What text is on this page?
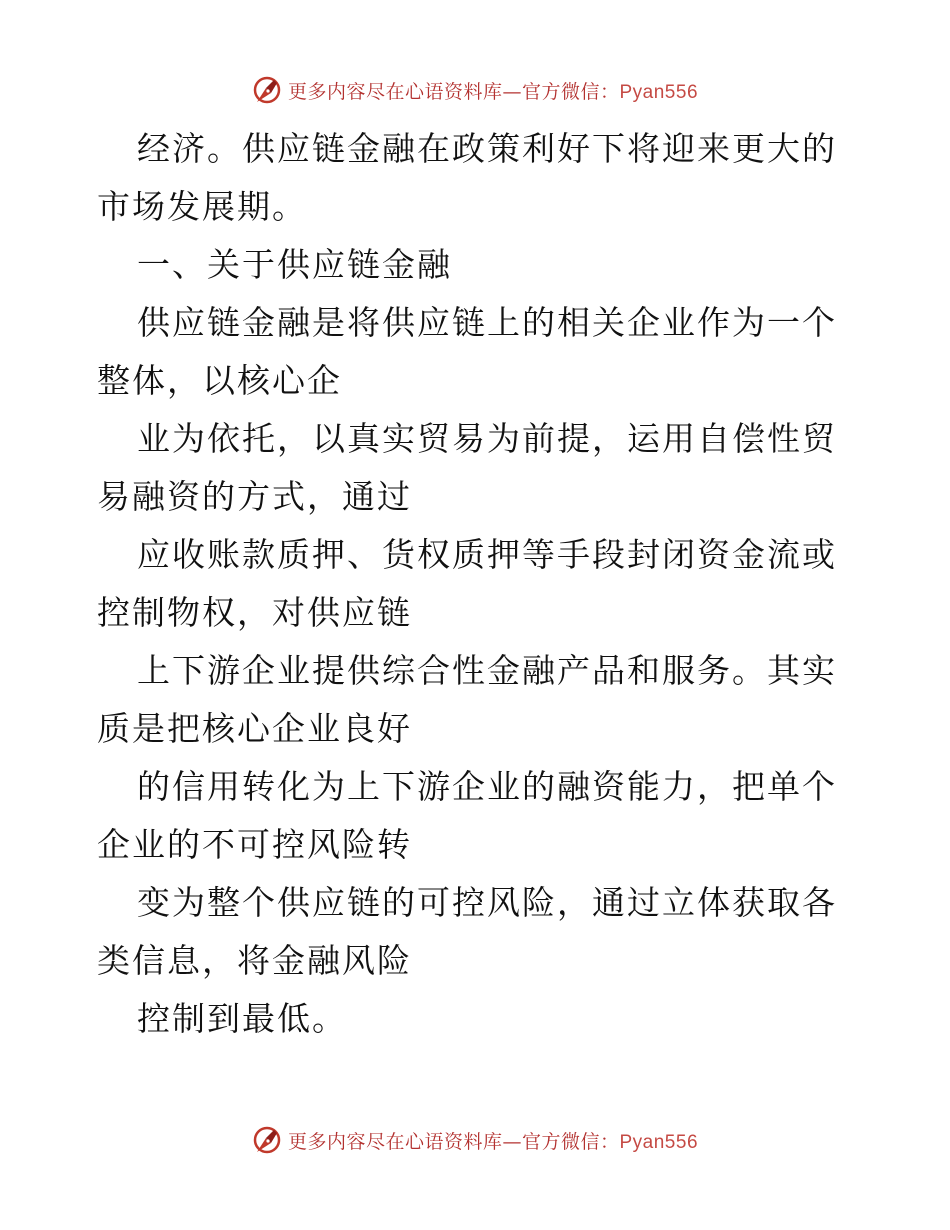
更多内容尽在心语资料库—官方微信：Pyan556

经济。供应链金融在政策利好下将迎来更大的市场发展期。

一、关于供应链金融

供应链金融是将供应链上的相关企业作为一个整体，以核心企

业为依托，以真实贸易为前提，运用自偿性贸易融资的方式，通过

应收账款质押、货权质押等手段封闭资金流或控制物权，对供应链

上下游企业提供综合性金融产品和服务。其实质是把核心企业良好

的信用转化为上下游企业的融资能力，把单个企业的不可控风险转

变为整个供应链的可控风险，通过立体获取各类信息，将金融风险

控制到最低。

更多内容尽在心语资料库—官方微信：Pyan556
